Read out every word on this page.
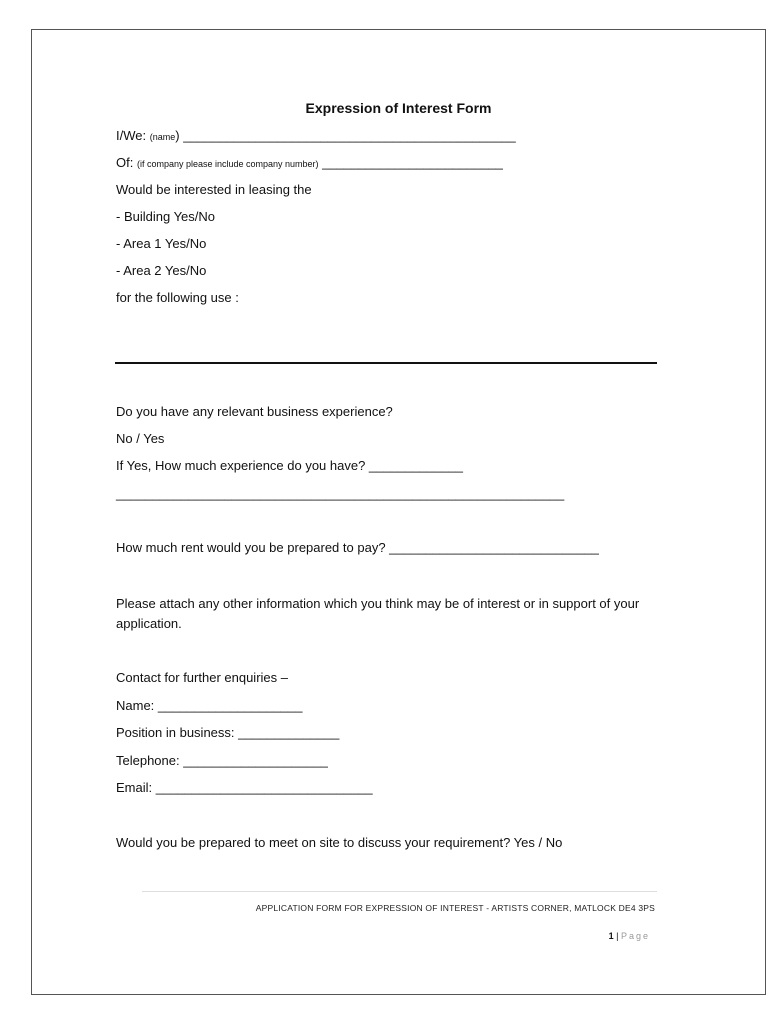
Expression of Interest Form
I/We: (name) ______________________________________________
Of: (if company please include company number) _________________________
Would be interested in leasing the
- Building Yes/No
- Area 1 Yes/No
- Area 2 Yes/No
for the following use :
Do you have any relevant business experience?
No / Yes
If Yes, How much experience do you have? _____________
______________________________________________________________
How much rent would you be prepared to pay? _____________________________
Please attach any other information which you think may be of interest or in support of your application.
Contact for further enquiries –
Name: ____________________
Position in business: ______________
Telephone: ____________________
Email: ______________________________
Would you be prepared to meet on site to discuss your requirement? Yes / No
APPLICATION FORM FOR EXPRESSION OF INTEREST - ARTISTS CORNER, MATLOCK DE4 3PS
1 | Page
